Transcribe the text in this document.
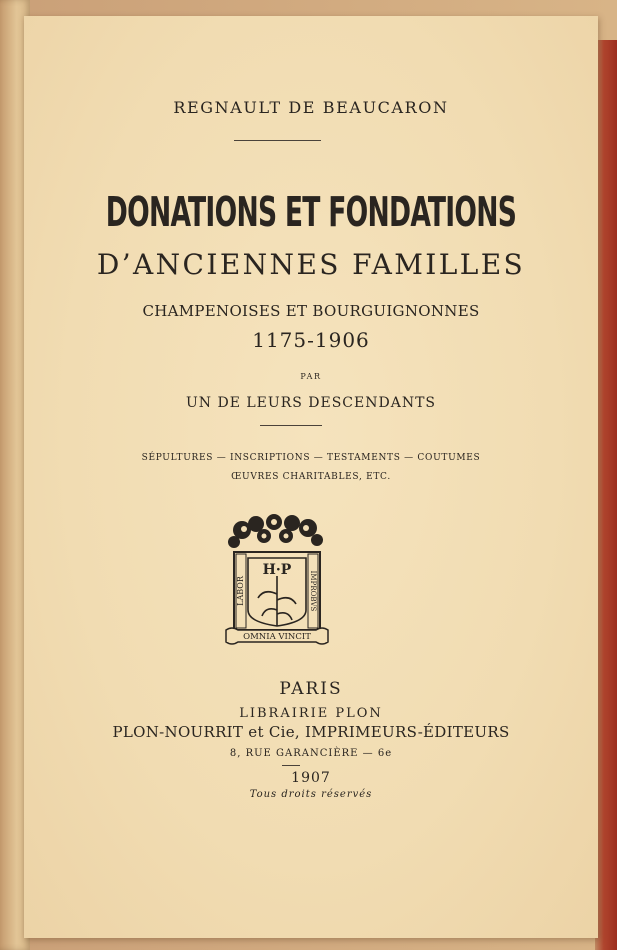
REGNAULT DE BEAUCARON
DONATIONS ET FONDATIONS
D’ANCIENNES FAMILLES
CHAMPENOISES ET BOURGUIGNONNES
1175-1906
PAR
UN DE LEURS DESCENDANTS
SÉPULTURES — INSCRIPTIONS — TESTAMENTS — COUTUMES
ŒUVRES CHARITABLES, ETC.
H·P
LABOR	IMPROBVS
OMNIA VINCIT
PARIS
LIBRAIRIE PLON
PLON-NOURRIT et Cie, IMPRIMEURS-ÉDITEURS
8, RUE GARANCIÈRE — 6e
1907
Tous droits réservés
